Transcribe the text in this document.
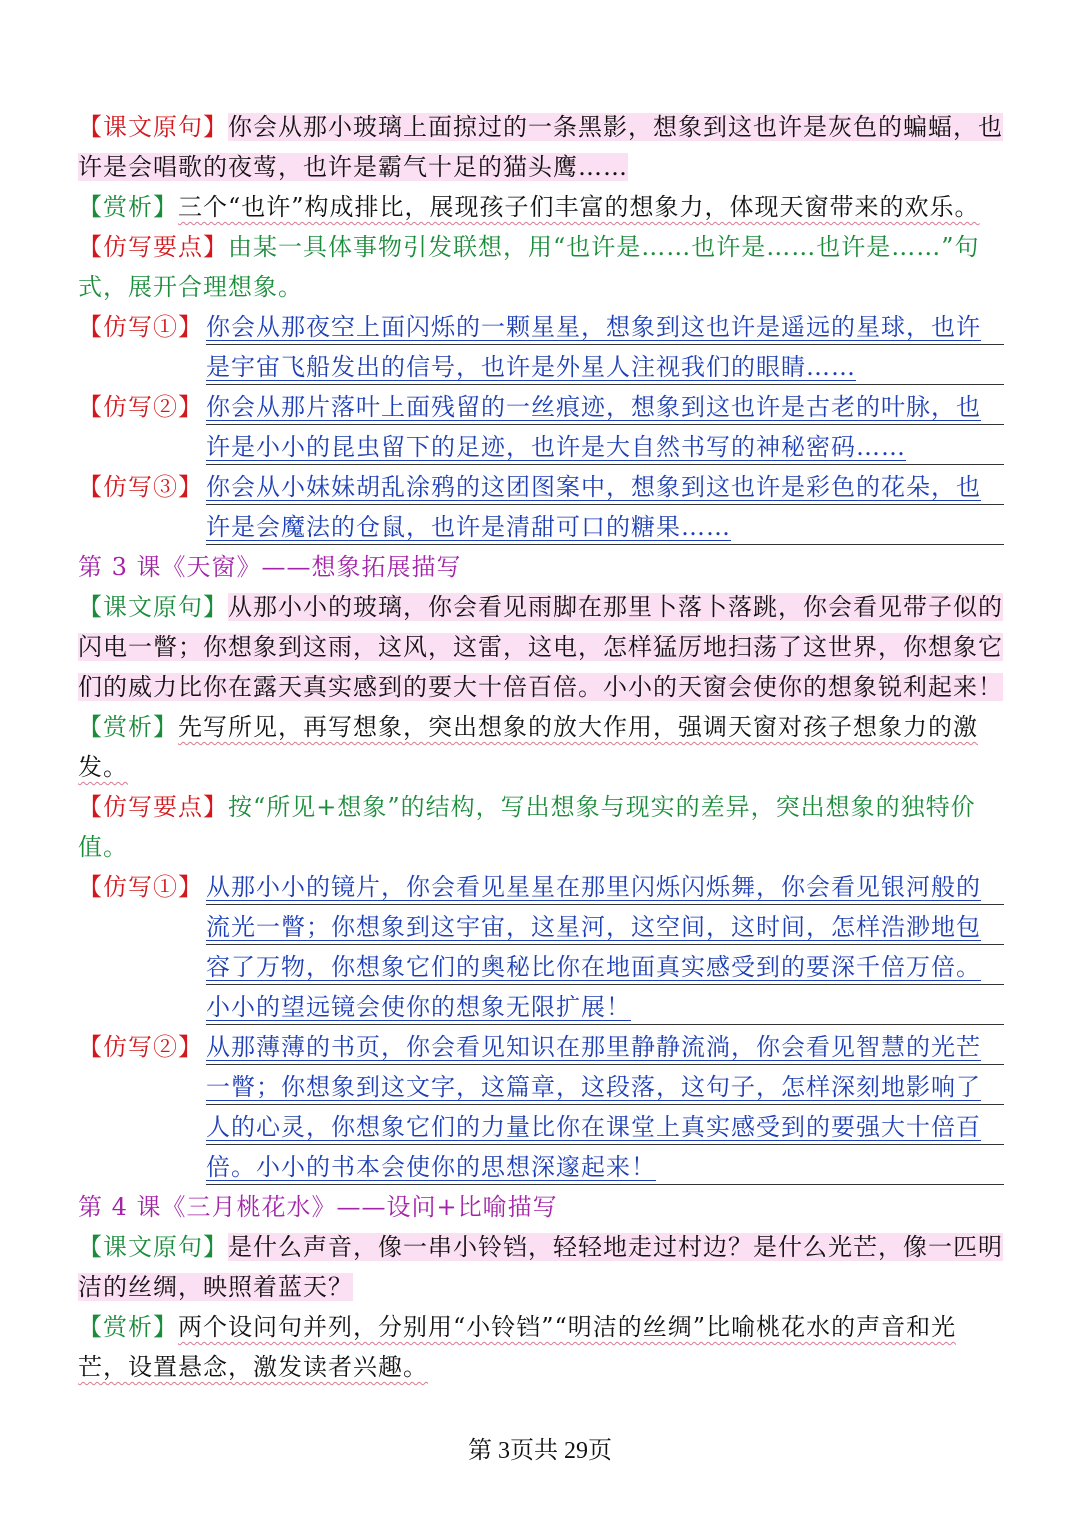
【课文原句】你会从那小玻璃上面掠过的一条黑影，想象到这也许是灰色的蝙蝠，也许是会唱歌的夜莺，也许是霸气十足的猫头鹰……

【赏析】三个“也许”构成排比，展现孩子们丰富的想象力，体现天窗带来的欢乐。

【仿写要点】由某一具体事物引发联想，用“也许是……也许是……也许是……”句式，展开合理想象。

【仿写①】 你会从那夜空上面闪烁的一颗星星，想象到这也许是遥远的星球，也许是宇宙飞船发出的信号，也许是外星人注视我们的眼睛……
【仿写②】 你会从那片落叶上面残留的一丝痕迹，想象到这也许是古老的叶脉，也许是小小的昆虫留下的足迹，也许是大自然书写的神秘密码……
【仿写③】 你会从小妹妹胡乱涂鸦的这团图案中，想象到这也许是彩色的花朵，也许是会魔法的仓鼠，也许是清甜可口的糖果……

第 3 课《天窗》——想象拓展描写

【课文原句】从那小小的玻璃，你会看见雨脚在那里卜落卜落跳，你会看见带子似的闪电一瞥；你想象到这雨，这风，这雷，这电，怎样猛厉地扫荡了这世界，你想象它们的威力比你在露天真实感到的要大十倍百倍。小小的天窗会使你的想象锐利起来！

【赏析】先写所见，再写想象，突出想象的放大作用，强调天窗对孩子想象力的激发。

【仿写要点】按“所见+想象”的结构，写出想象与现实的差异，突出想象的独特价值。

【仿写①】 从那小小的镜片，你会看见星星在那里闪烁闪烁舞，你会看见银河般的流光一瞥；你想象到这宇宙，这星河，这空间，这时间，怎样浩渺地包容了万物，你想象它们的奥秘比你在地面真实感受到的要深千倍万倍。小小的望远镜会使你的想象无限扩展！
【仿写②】 从那薄薄的书页，你会看见知识在那里静静流淌，你会看见智慧的光芒一瞥；你想象到这文字，这篇章，这段落，这句子，怎样深刻地影响了人的心灵，你想象它们的力量比你在课堂上真实感受到的要强大十倍百倍。小小的书本会使你的思想深邃起来！

第 4 课《三月桃花水》——设问+比喻描写

【课文原句】是什么声音，像一串小铃铛，轻轻地走过村边？是什么光芒，像一匹明洁的丝绸，映照着蓝天？

【赏析】两个设问句并列，分别用“小铃铛”“明洁的丝绸”比喻桃花水的声音和光芒，设置悬念，激发读者兴趣。

第 3页共 29页
